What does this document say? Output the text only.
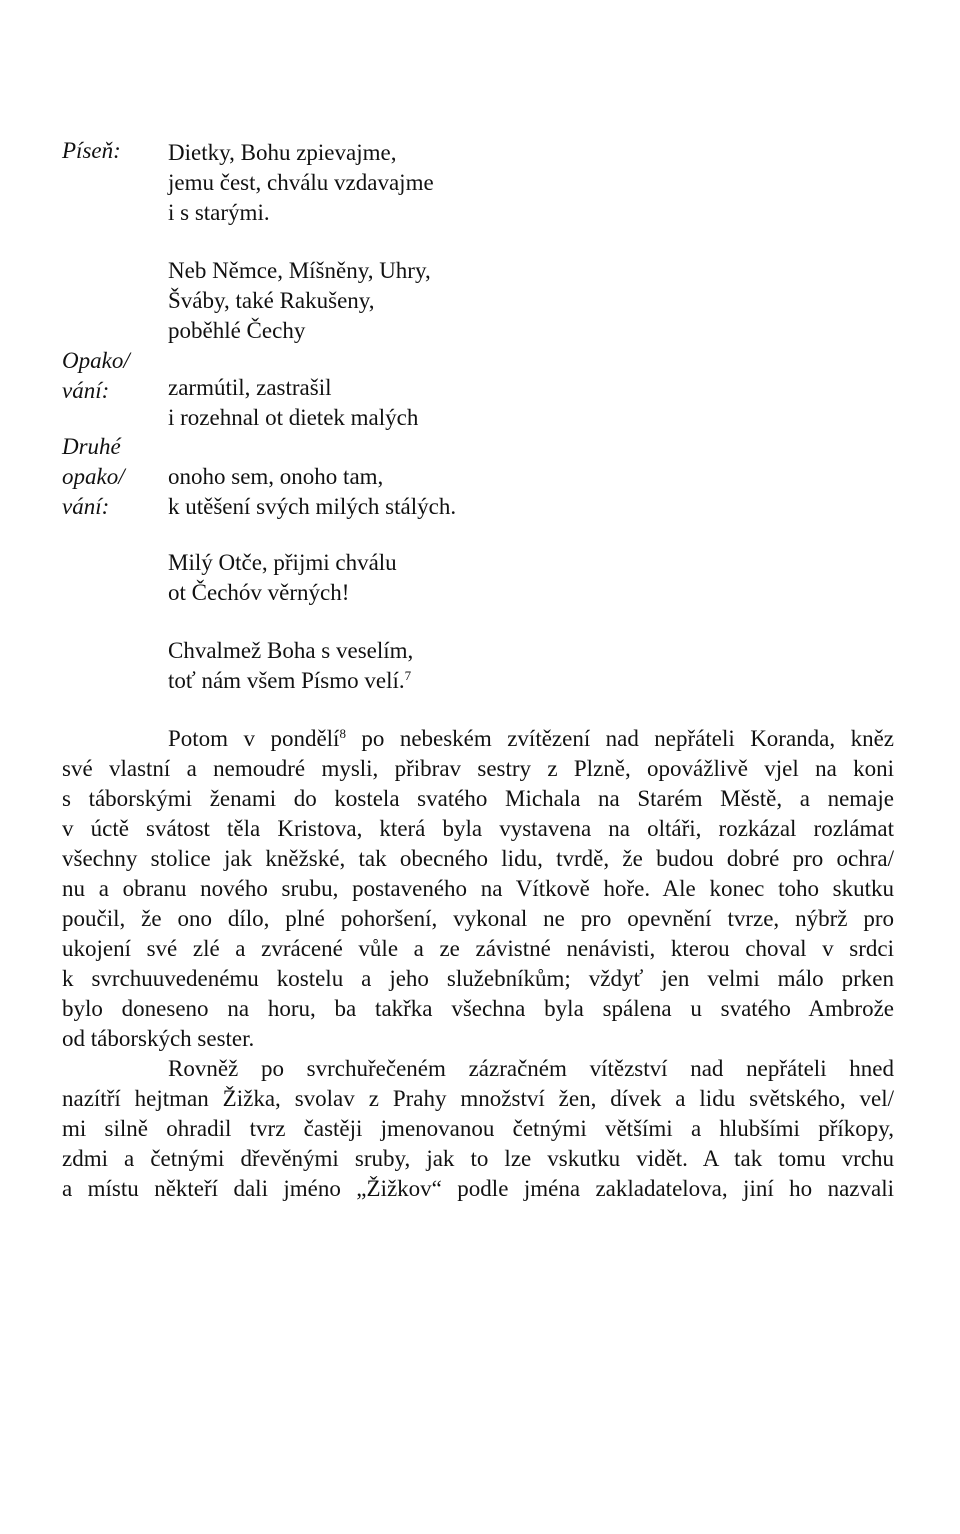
Píseň:
Opako/
vání:
Druhé
opako/
vání:
Dietky, Bohu zpievajme,
jemu čest, chválu vzdavajme
i s starými.
Neb Němce, Míšněny, Uhry,
Šváby, také Rakušeny,
poběhlé Čechy
zarmútil, zastrašil
i rozehnal ot dietek malých
onoho sem, onoho tam,
k utěšení svých milých stálých.
Milý Otče, přijmi chválu
ot Čechóv věrných!
Chvalmež Boha s veselím,
toť nám všem Písmo velí.$^7$
Potom v pondělí$^8$ po nebeském zvítězení nad nepřáteli Koranda, kněz
své vlastní a nemoudré mysli, přibrav sestry z Plzně, opovážlivě vjel na koni
s táborskými ženami do kostela svatého Michala na Starém Městě, a nemaje
v úctě svátost těla Kristova, která byla vystavena na oltáři, rozkázal rozlámat
všechny stolice jak kněžské, tak obecného lidu, tvrdě, že budou dobré pro ochra/
nu a obranu nového srubu, postaveného na Vítkově hoře. Ale konec toho skutku
poučil, že ono dílo, plné pohoršení, vykonal ne pro opevnění tvrze, nýbrž pro
ukojení své zlé a zvrácené vůle a ze závistné nenávisti, kterou choval v srdci
k svrchuuvedenému kostelu a jeho služebníkům; vždyť jen velmi málo prken
bylo doneseno na horu, ba takřka všechna byla spálena u svatého Ambrože
od táborských sester.
Rovněž po svrchuřečeném zázračném vítězství nad nepřáteli hned
nazítří hejtman Žižka, svolav z Prahy množství žen, dívek a lidu světského, vel/
mi silně ohradil tvrz častěji jmenovanou četnými většími a hlubšími příkopy,
zdmi a četnými dřevěnými sruby, jak to lze vskutku vidět. A tak tomu vrchu
a místu někteří dali jméno „Žižkov“ podle jména zakladatelova, jiní ho nazvali
